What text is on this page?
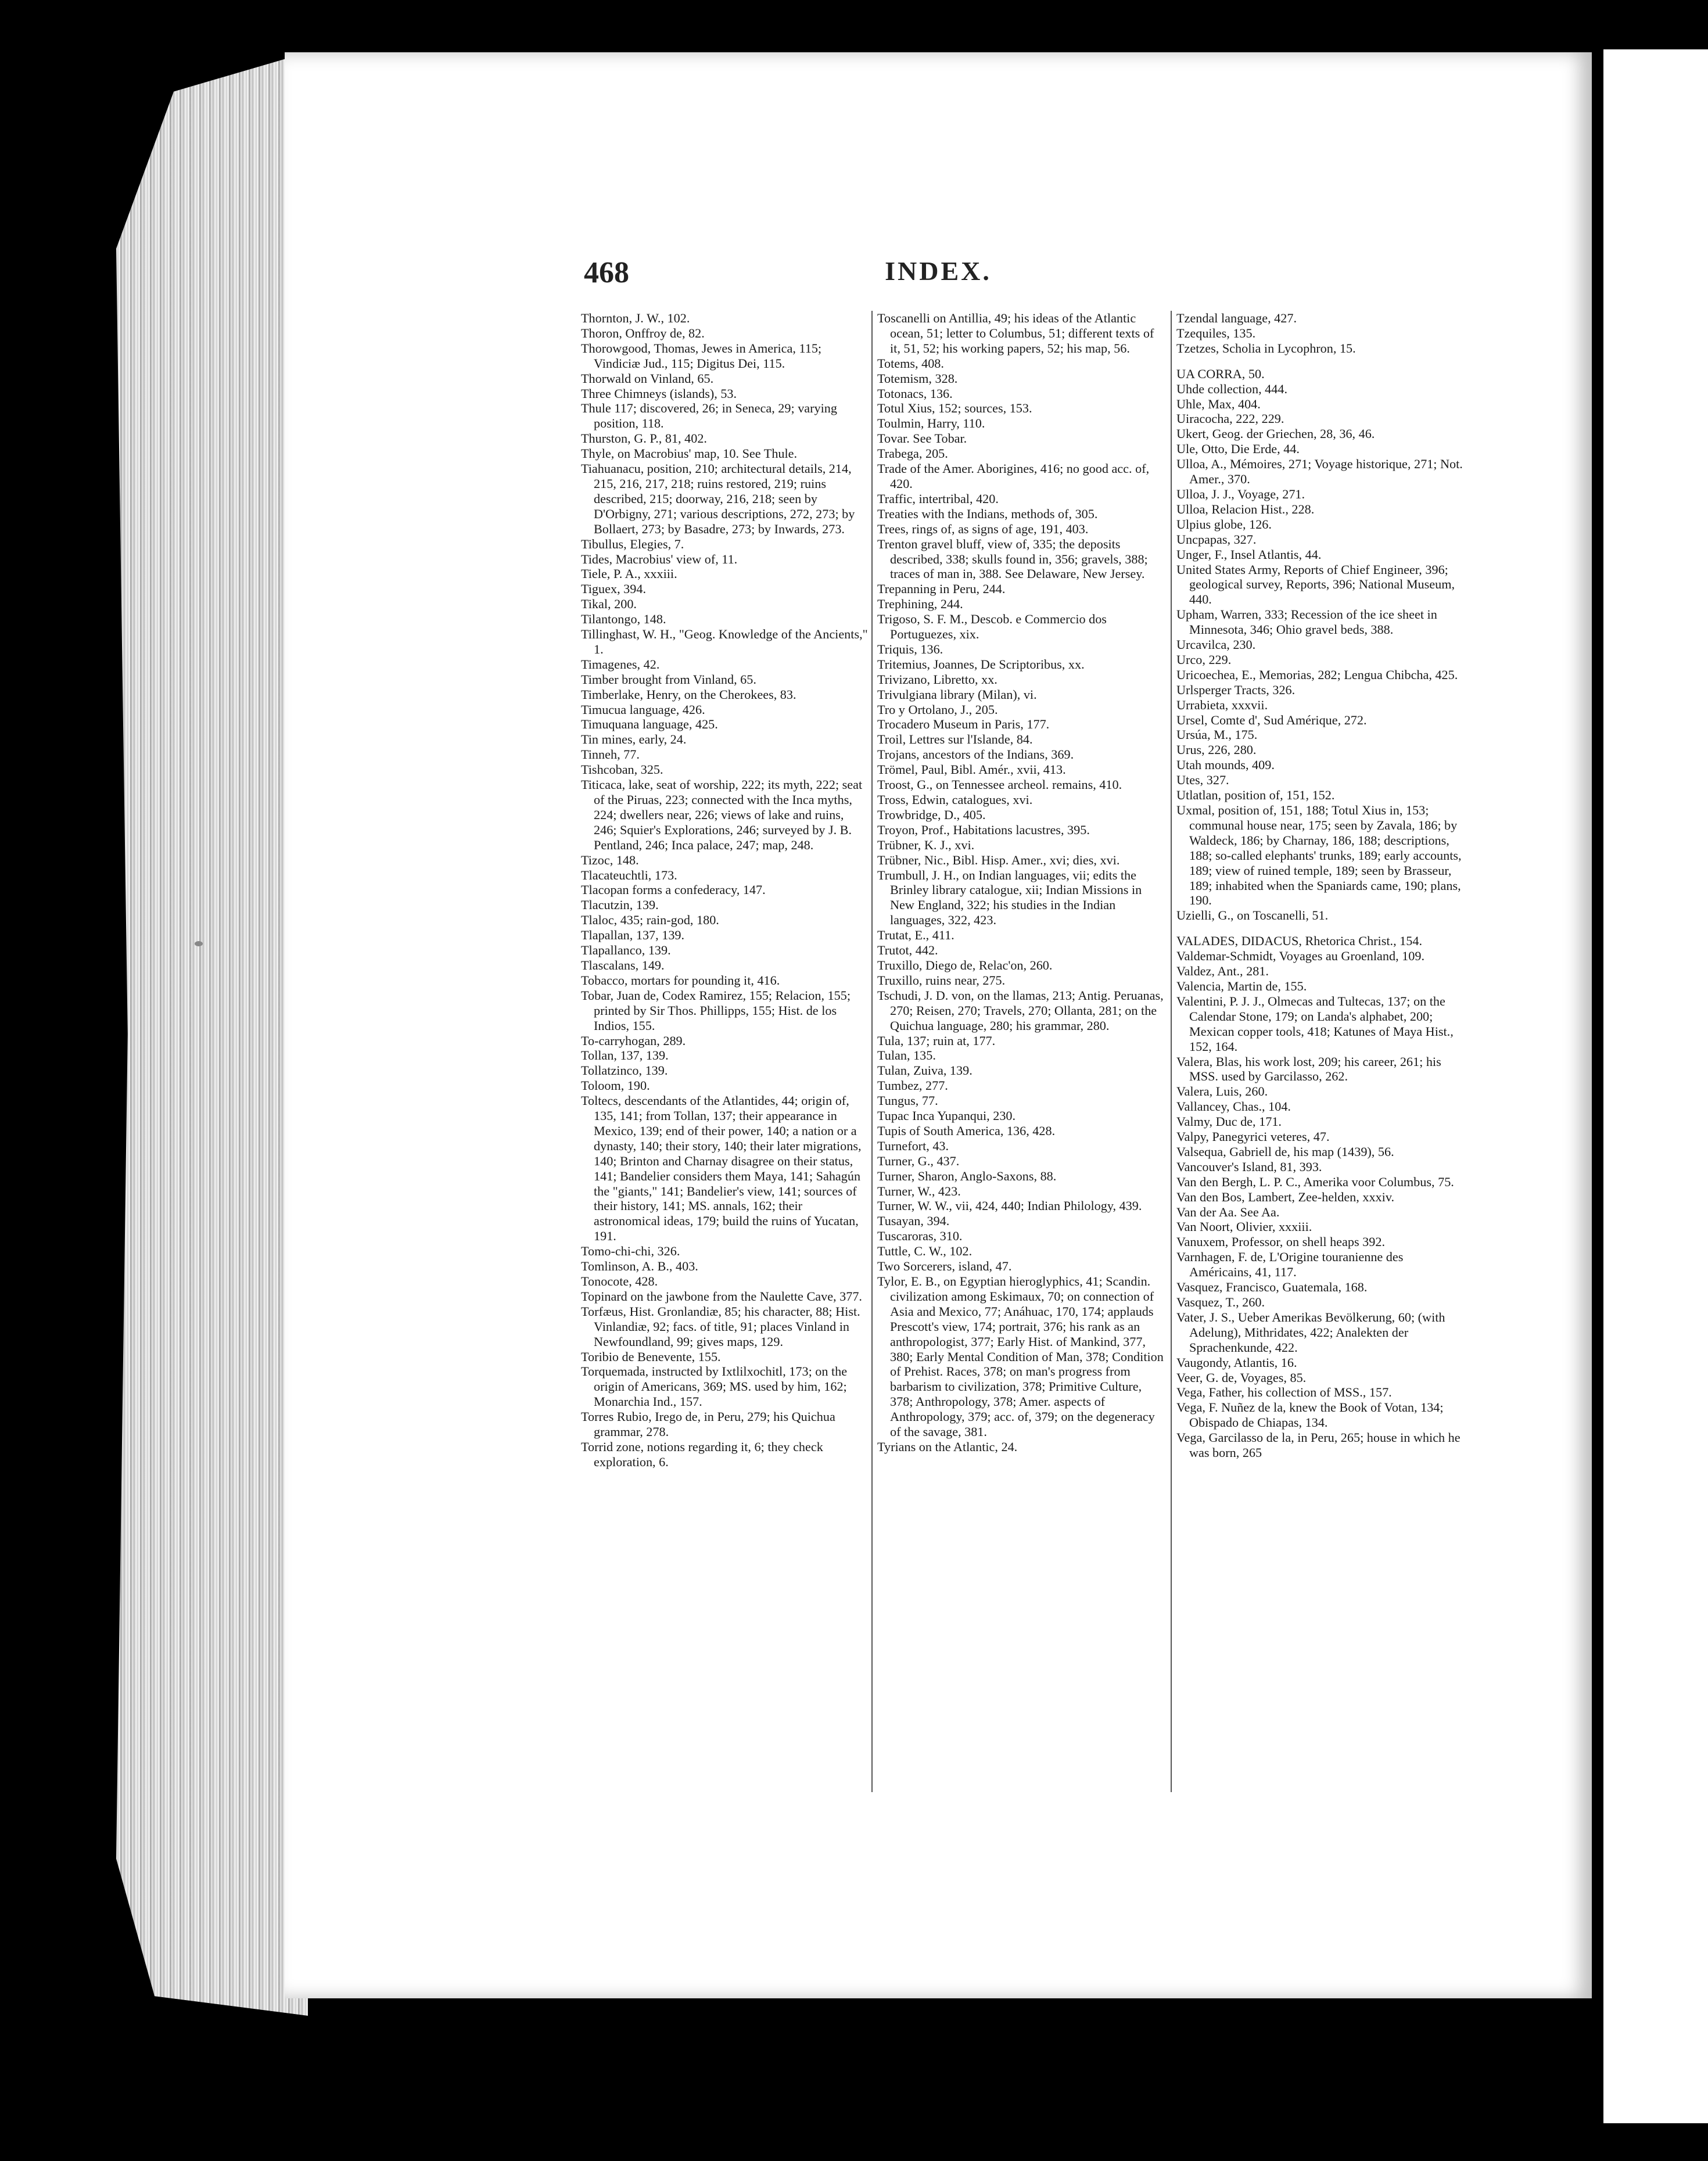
468	INDEX.

Thornton, J. W., 102.

Thoron, Onffroy de, 82.

Thorowgood, Thomas, Jewes in America, 115; Vindiciæ Jud., 115; Digitus Dei, 115.

Thorwald on Vinland, 65.

Three Chimneys (islands), 53.

Thule 117; discovered, 26; in Seneca, 29; varying position, 118.

Thurston, G. P., 81, 402.

Thyle, on Macrobius' map, 10. See Thule.

Tiahuanacu, position, 210; architectural details, 214, 215, 216, 217, 218; ruins restored, 219; ruins described, 215; doorway, 216, 218; seen by D'Orbigny, 271; various descriptions, 272, 273; by Bollaert, 273; by Basadre, 273; by Inwards, 273.

Tibullus, Elegies, 7.

Tides, Macrobius' view of, 11.

Tiele, P. A., xxxiii.

Tiguex, 394.

Tikal, 200.

Tilantongo, 148.

Tillinghast, W. H., "Geog. Knowledge of the Ancients," 1.

Timagenes, 42.

Timber brought from Vinland, 65.

Timberlake, Henry, on the Cherokees, 83.

Timucua language, 426.

Timuquana language, 425.

Tin mines, early, 24.

Tinneh, 77.

Tishcoban, 325.

Titicaca, lake, seat of worship, 222; its myth, 222; seat of the Piruas, 223; connected with the Inca myths, 224; dwellers near, 226; views of lake and ruins, 246; Squier's Explorations, 246; surveyed by J. B. Pentland, 246; Inca palace, 247; map, 248.

Tizoc, 148.

Tlacateuchtli, 173.

Tlacopan forms a confederacy, 147.

Tlacutzin, 139.

Tlaloc, 435; rain-god, 180.

Tlapallan, 137, 139.

Tlapallanco, 139.

Tlascalans, 149.

Tobacco, mortars for pounding it, 416.

Tobar, Juan de, Codex Ramirez, 155; Relacion, 155; printed by Sir Thos. Phillipps, 155; Hist. de los Indios, 155.

To-carryhogan, 289.

Tollan, 137, 139.

Tollatzinco, 139.

Toloom, 190.

Toltecs, descendants of the Atlantides, 44; origin of, 135, 141; from Tollan, 137; their appearance in Mexico, 139; end of their power, 140; a nation or a dynasty, 140; their story, 140; their later migrations, 140; Brinton and Charnay disagree on their status, 141; Bandelier considers them Maya, 141; Sahagún the "giants," 141; Bandelier's view, 141; sources of their history, 141; MS. annals, 162; their astronomical ideas, 179; build the ruins of Yucatan, 191.

Tomo-chi-chi, 326.

Tomlinson, A. B., 403.

Tonocote, 428.

Topinard on the jawbone from the Naulette Cave, 377.

Torfæus, Hist. Gronlandiæ, 85; his character, 88; Hist. Vinlandiæ, 92; facs. of title, 91; places Vinland in Newfoundland, 99; gives maps, 129.

Toribio de Benevente, 155.

Torquemada, instructed by Ixtlilxochitl, 173; on the origin of Americans, 369; MS. used by him, 162; Monarchia Ind., 157.

Torres Rubio, Irego de, in Peru, 279; his Quichua grammar, 278.

Torrid zone, notions regarding it, 6; they check exploration, 6.

Toscanelli on Antillia, 49; his ideas of the Atlantic ocean, 51; letter to Columbus, 51; different texts of it, 51, 52; his working papers, 52; his map, 56.

Totems, 408.

Totemism, 328.

Totonacs, 136.

Totul Xius, 152; sources, 153.

Toulmin, Harry, 110.

Tovar. See Tobar.

Trabega, 205.

Trade of the Amer. Aborigines, 416; no good acc. of, 420.

Traffic, intertribal, 420.

Treaties with the Indians, methods of, 305.

Trees, rings of, as signs of age, 191, 403.

Trenton gravel bluff, view of, 335; the deposits described, 338; skulls found in, 356; gravels, 388; traces of man in, 388. See Delaware, New Jersey.

Trepanning in Peru, 244.

Trephining, 244.

Trigoso, S. F. M., Descob. e Commercio dos Portuguezes, xix.

Triquis, 136.

Tritemius, Joannes, De Scriptoribus, xx.

Trivizano, Libretto, xx.

Trivulgiana library (Milan), vi.

Tro y Ortolano, J., 205.

Trocadero Museum in Paris, 177.

Troil, Lettres sur l'Islande, 84.

Trojans, ancestors of the Indians, 369.

Trömel, Paul, Bibl. Amér., xvii, 413.

Troost, G., on Tennessee archeol. remains, 410.

Tross, Edwin, catalogues, xvi.

Trowbridge, D., 405.

Troyon, Prof., Habitations lacustres, 395.

Trübner, K. J., xvi.

Trübner, Nic., Bibl. Hisp. Amer., xvi; dies, xvi.

Trumbull, J. H., on Indian languages, vii; edits the Brinley library catalogue, xii; Indian Missions in New England, 322; his studies in the Indian languages, 322, 423.

Trutat, E., 411.

Trutot, 442.

Truxillo, Diego de, Relac'on, 260.

Truxillo, ruins near, 275.

Tschudi, J. D. von, on the llamas, 213; Antig. Peruanas, 270; Reisen, 270; Travels, 270; Ollanta, 281; on the Quichua language, 280; his grammar, 280.

Tula, 137; ruin at, 177.

Tulan, 135.

Tulan, Zuiva, 139.

Tumbez, 277.

Tungus, 77.

Tupac Inca Yupanqui, 230.

Tupis of South America, 136, 428.

Turnefort, 43.

Turner, G., 437.

Turner, Sharon, Anglo-Saxons, 88.

Turner, W., 423.

Turner, W. W., vii, 424, 440; Indian Philology, 439.

Tusayan, 394.

Tuscaroras, 310.

Tuttle, C. W., 102.

Two Sorcerers, island, 47.

Tylor, E. B., on Egyptian hieroglyphics, 41; Scandin. civilization among Eskimaux, 70; on connection of Asia and Mexico, 77; Anáhuac, 170, 174; applauds Prescott's view, 174; portrait, 376; his rank as an anthropologist, 377; Early Hist. of Mankind, 377, 380; Early Mental Condition of Man, 378; Condition of Prehist. Races, 378; on man's progress from barbarism to civilization, 378; Primitive Culture, 378; Anthropology, 378; Amer. aspects of Anthropology, 379; acc. of, 379; on the degeneracy of the savage, 381.

Tyrians on the Atlantic, 24.

Tzendal language, 427.

Tzequiles, 135.

Tzetzes, Scholia in Lycophron, 15.

UA CORRA, 50.

Uhde collection, 444.

Uhle, Max, 404.

Uiracocha, 222, 229.

Ukert, Geog. der Griechen, 28, 36, 46.

Ule, Otto, Die Erde, 44.

Ulloa, A., Mémoires, 271; Voyage historique, 271; Not. Amer., 370.

Ulloa, J. J., Voyage, 271.

Ulloa, Relacion Hist., 228.

Ulpius globe, 126.

Uncpapas, 327.

Unger, F., Insel Atlantis, 44.

United States Army, Reports of Chief Engineer, 396; geological survey, Reports, 396; National Museum, 440.

Upham, Warren, 333; Recession of the ice sheet in Minnesota, 346; Ohio gravel beds, 388.

Urcavilca, 230.

Urco, 229.

Uricoechea, E., Memorias, 282; Lengua Chibcha, 425.

Urlsperger Tracts, 326.

Urrabieta, xxxvii.

Ursel, Comte d', Sud Amérique, 272.

Ursúa, M., 175.

Urus, 226, 280.

Utah mounds, 409.

Utes, 327.

Utlatlan, position of, 151, 152.

Uxmal, position of, 151, 188; Totul Xius in, 153; communal house near, 175; seen by Zavala, 186; by Waldeck, 186; by Charnay, 186, 188; descriptions, 188; so-called elephants' trunks, 189; early accounts, 189; view of ruined temple, 189; seen by Brasseur, 189; inhabited when the Spaniards came, 190; plans, 190.

Uzielli, G., on Toscanelli, 51.

VALADES, DIDACUS, Rhetorica Christ., 154.

Valdemar-Schmidt, Voyages au Groenland, 109.

Valdez, Ant., 281.

Valencia, Martin de, 155.

Valentini, P. J. J., Olmecas and Tultecas, 137; on the Calendar Stone, 179; on Landa's alphabet, 200; Mexican copper tools, 418; Katunes of Maya Hist., 152, 164.

Valera, Blas, his work lost, 209; his career, 261; his MSS. used by Garcilasso, 262.

Valera, Luis, 260.

Vallancey, Chas., 104.

Valmy, Duc de, 171.

Valpy, Panegyrici veteres, 47.

Valsequa, Gabriell de, his map (1439), 56.

Vancouver's Island, 81, 393.

Van den Bergh, L. P. C., Amerika voor Columbus, 75.

Van den Bos, Lambert, Zee-helden, xxxiv.

Van der Aa. See Aa.

Van Noort, Olivier, xxxiii.

Vanuxem, Professor, on shell heaps 392.

Varnhagen, F. de, L'Origine touranienne des Américains, 41, 117.

Vasquez, Francisco, Guatemala, 168.

Vasquez, T., 260.

Vater, J. S., Ueber Amerikas Bevölkerung, 60; (with Adelung), Mithridates, 422; Analekten der Sprachenkunde, 422.

Vaugondy, Atlantis, 16.

Veer, G. de, Voyages, 85.

Vega, Father, his collection of MSS., 157.

Vega, F. Nuñez de la, knew the Book of Votan, 134; Obispado de Chiapas, 134.

Vega, Garcilasso de la, in Peru, 265; house in which he was born, 265
